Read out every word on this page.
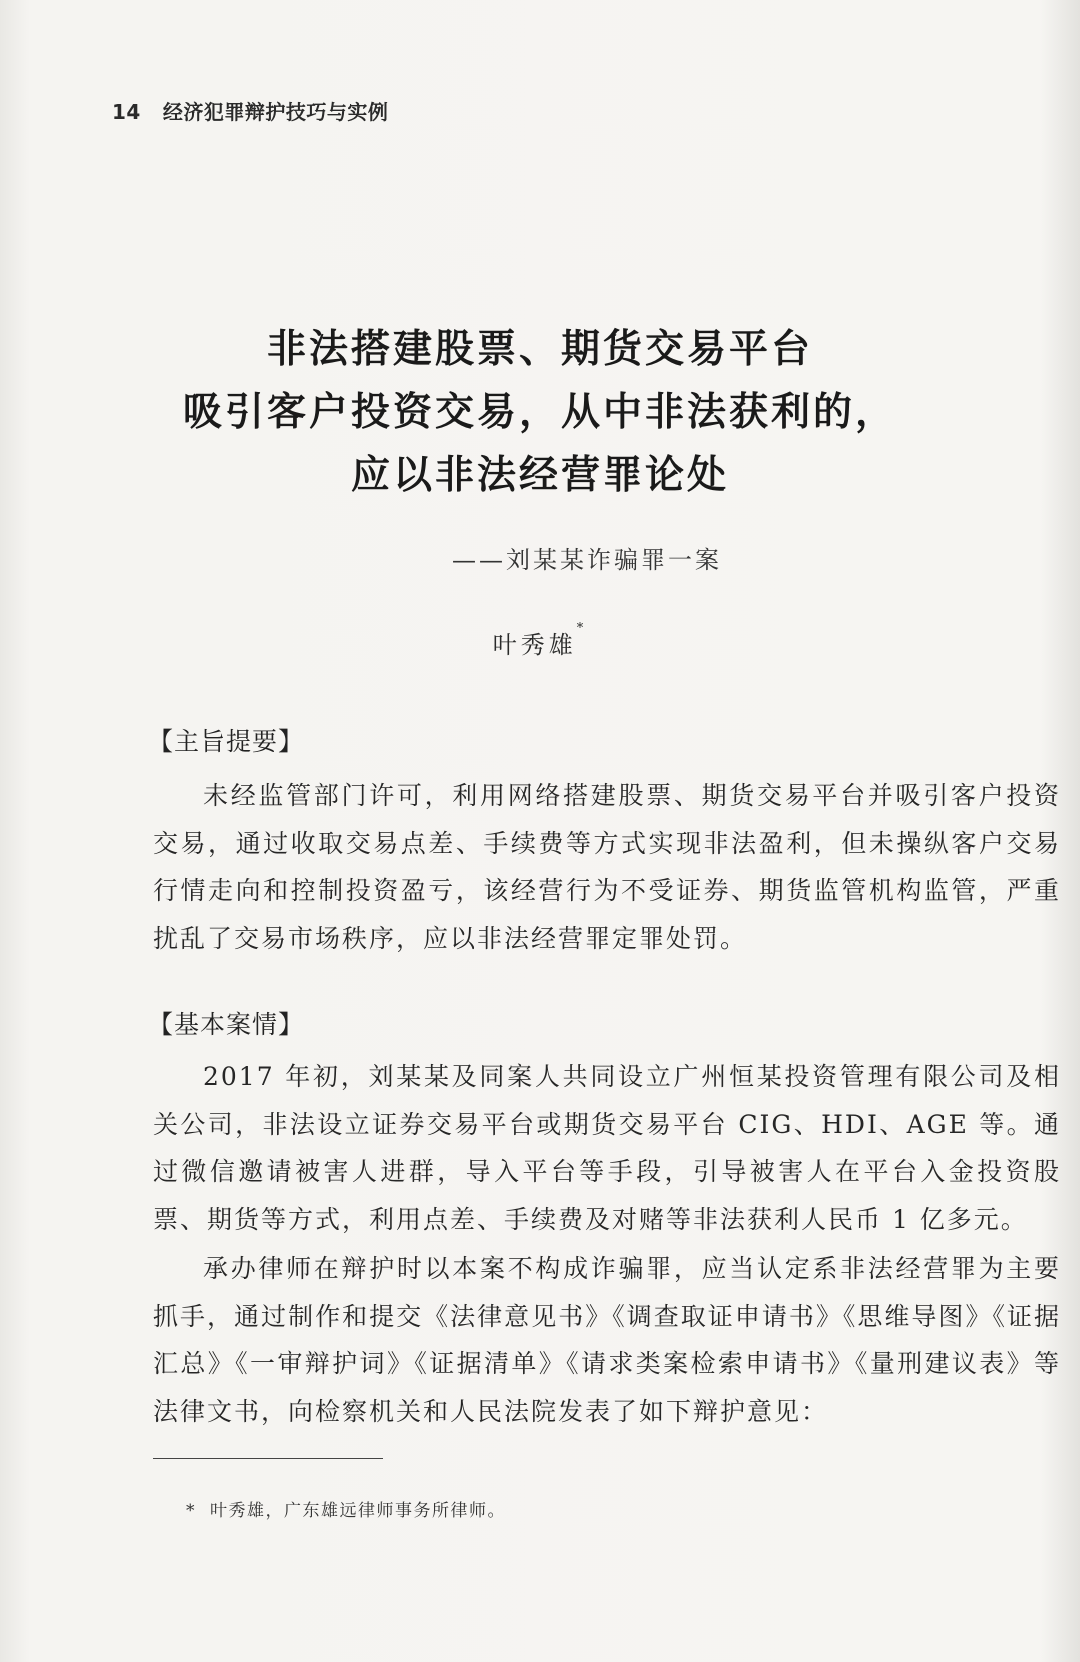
14 经济犯罪辩护技巧与实例
非法搭建股票、期货交易平台
吸引客户投资交易，从中非法获利的，
应以非法经营罪论处
——刘某某诈骗罪一案
叶秀雄*
【主旨提要】

未经监管部门许可，利用网络搭建股票、期货交易平台并吸引客户投资交易，通过收取交易点差、手续费等方式实现非法盈利，但未操纵客户交易行情走向和控制投资盈亏，该经营行为不受证券、期货监管机构监管，严重扰乱了交易市场秩序，应以非法经营罪定罪处罚。

【基本案情】

2017 年初，刘某某及同案人共同设立广州恒某投资管理有限公司及相关公司，非法设立证券交易平台或期货交易平台 CIG、HDI、AGE 等。通过微信邀请被害人进群，导入平台等手段，引导被害人在平台入金投资股票、期货等方式，利用点差、手续费及对赌等非法获利人民币 1 亿多元。

承办律师在辩护时以本案不构成诈骗罪，应当认定系非法经营罪为主要抓手，通过制作和提交《法律意见书》《调查取证申请书》《思维导图》《证据汇总》《一审辩护词》《证据清单》《请求类案检索申请书》《量刑建议表》等法律文书，向检察机关和人民法院发表了如下辩护意见：

* 叶秀雄，广东雄远律师事务所律师。
